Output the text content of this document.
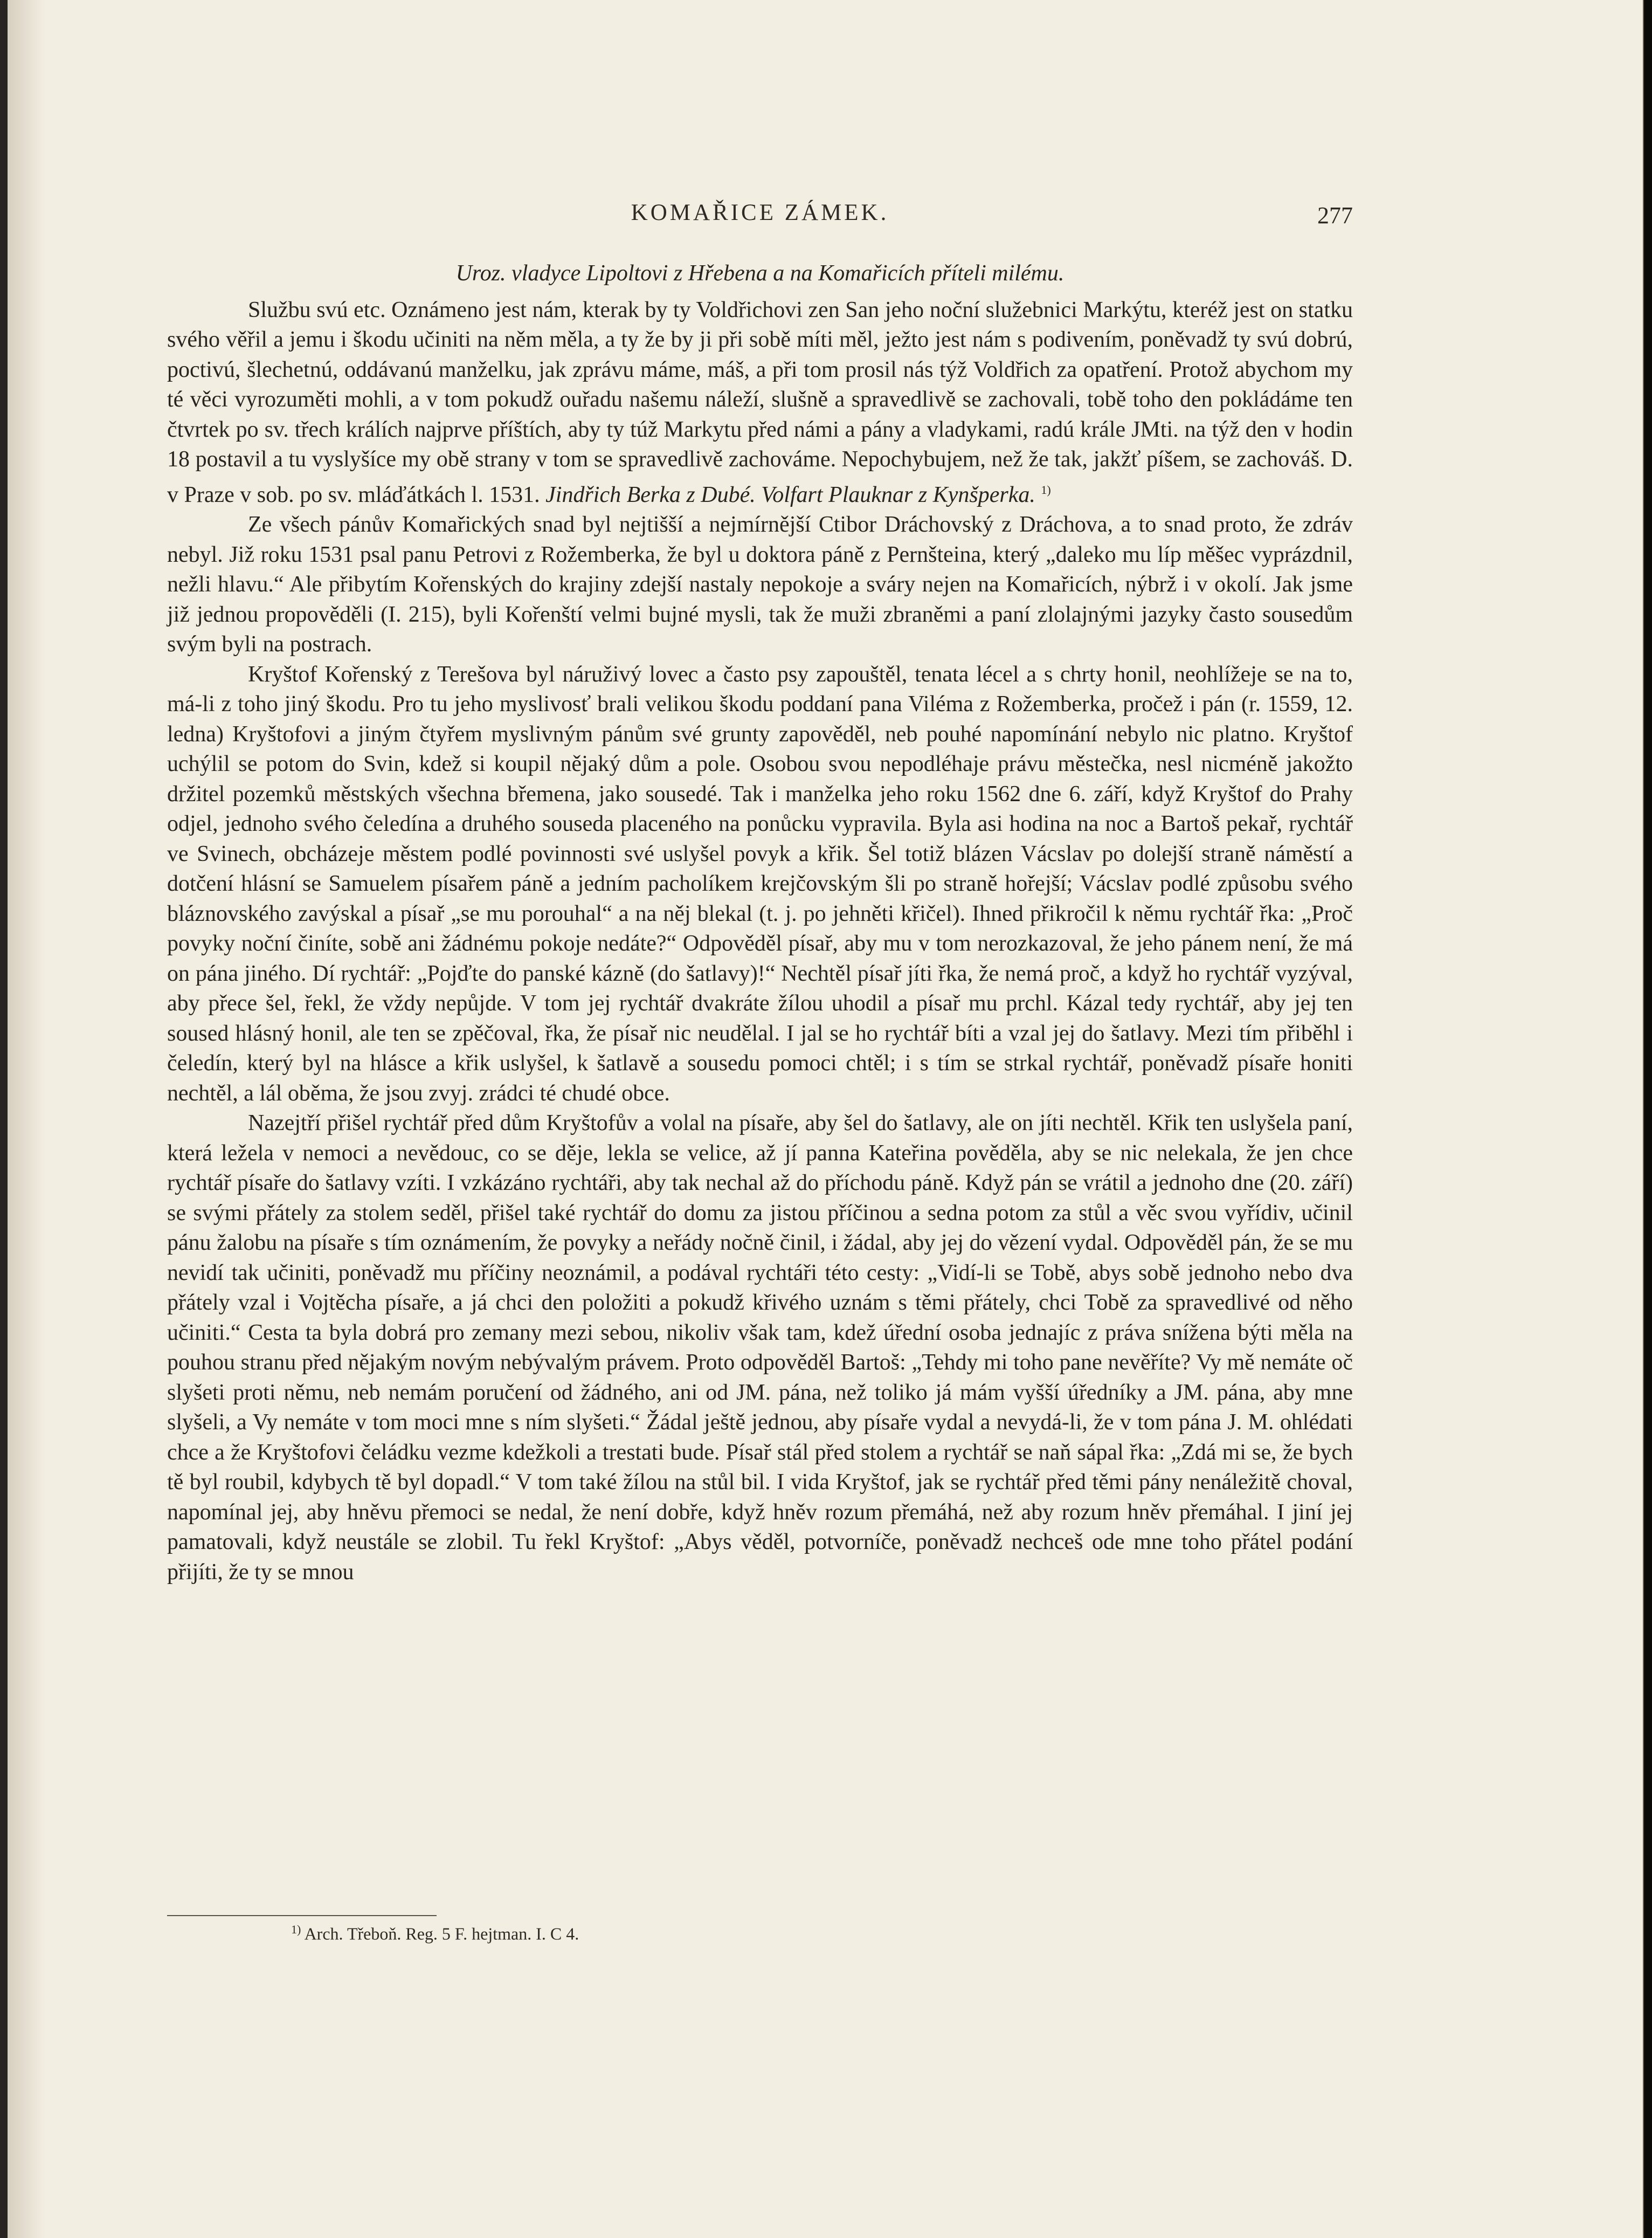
KOMAŘICE ZÁMEK.	277

Uroz. vladyce Lipoltovi z Hřebena a na Komařicích příteli milému.

Službu svú etc. Oznámeno jest nám, kterak by ty Voldřichovi zen San jeho noční služebnici Markýtu, kteréž jest on statku svého věřil a jemu i škodu učiniti na něm měla, a ty že by ji při sobě míti měl, ježto jest nám s podivením, poněvadž ty svú dobrú, poctivú, šlechetnú, oddávanú manželku, jak zprávu máme, máš, a při tom prosil nás týž Voldřich za opatření. Protož abychom my té věci vyrozuměti mohli, a v tom pokudž ouřadu našemu náleží, slušně a spravedlivě se zachovali, tobě toho den pokládáme ten čtvrtek po sv. třech králích najprve příštích, aby ty túž Markytu před námi a pány a vladykami, radú krále JMti. na týž den v hodin 18 postavil a tu vyslyšíce my obě strany v tom se spravedlivě zachováme. Nepochybujem, než že tak, jakžť píšem, se zachováš. D. v Praze v sob. po sv. mláďátkách l. 1531. Jindřich Berka z Dubé. Volfart Plauknar z Kynšperka. $^{1)}$

Ze všech pánův Komařických snad byl nejtišší a nejmírnější Ctibor Dráchovský z Dráchova, a to snad proto, že zdráv nebyl. Již roku 1531 psal panu Petrovi z Rožemberka, že byl u doktora páně z Pernšteina, který „daleko mu líp měšec vyprázdnil, nežli hlavu.“ Ale přibytím Kořenských do krajiny zdejší nastaly nepokoje a sváry nejen na Komařicích, nýbrž i v okolí. Jak jsme již jednou propověděli (I. 215), byli Kořenští velmi bujné mysli, tak že muži zbraněmi a paní zlolajnými jazyky často sousedům svým byli na postrach.

Kryštof Kořenský z Terešova byl náruživý lovec a často psy zapouštěl, tenata lécel a s chrty honil, neohlížeje se na to, má-li z toho jiný škodu. Pro tu jeho myslivosť brali velikou škodu poddaní pana Viléma z Rožemberka, pročež i pán (r. 1559, 12. ledna) Kryštofovi a jiným čtyřem myslivným pánům své grunty zapověděl, neb pouhé napomínání nebylo nic platno. Kryštof uchýlil se potom do Svin, kdež si koupil nějaký dům a pole. Osobou svou nepodléhaje právu městečka, nesl nicméně jakožto držitel pozemků městských všechna břemena, jako sousedé. Tak i manželka jeho roku 1562 dne 6. září, když Kryštof do Prahy odjel, jednoho svého čeledína a druhého souseda placeného na ponůcku vypravila. Byla asi hodina na noc a Bartoš pekař, rychtář ve Svinech, obcházeje městem podlé povinnosti své uslyšel povyk a křik. Šel totiž blázen Vácslav po dolejší straně náměstí a dotčení hlásní se Samuelem písařem páně a jedním pacholíkem krejčovským šli po straně hořejší; Vácslav podlé způsobu svého bláznovského zavýskal a písař „se mu porouhal“ a na něj blekal (t. j. po jehněti křičel). Ihned přikročil k němu rychtář řka: „Proč povyky noční činíte, sobě ani žádnému pokoje nedáte?“ Odpověděl písař, aby mu v tom nerozkazoval, že jeho pánem není, že má on pána jiného. Dí rychtář: „Pojďte do panské kázně (do šatlavy)!“ Nechtěl písař jíti řka, že nemá proč, a když ho rychtář vyzýval, aby přece šel, řekl, že vždy nepůjde. V tom jej rychtář dvakráte žílou uhodil a písař mu prchl. Kázal tedy rychtář, aby jej ten soused hlásný honil, ale ten se zpěčoval, řka, že písař nic neudělal. I jal se ho rychtář bíti a vzal jej do šatlavy. Mezi tím přiběhl i čeledín, který byl na hlásce a křik uslyšel, k šatlavě a sousedu pomoci chtěl; i s tím se strkal rychtář, poněvadž písaře honiti nechtěl, a lál oběma, že jsou zvyj. zrádci té chudé obce.

Nazejtří přišel rychtář před dům Kryštofův a volal na písaře, aby šel do šatlavy, ale on jíti nechtěl. Křik ten uslyšela paní, která ležela v nemoci a nevědouc, co se děje, lekla se velice, až jí panna Kateřina pověděla, aby se nic nelekala, že jen chce rychtář písaře do šatlavy vzíti. I vzkázáno rychtáři, aby tak nechal až do příchodu páně. Když pán se vrátil a jednoho dne (20. září) se svými přátely za stolem seděl, přišel také rychtář do domu za jistou příčinou a sedna potom za stůl a věc svou vyřídiv, učinil pánu žalobu na písaře s tím oznámením, že povyky a neřády nočně činil, i žádal, aby jej do vězení vydal. Odpověděl pán, že se mu nevidí tak učiniti, poněvadž mu příčiny neoznámil, a podával rychtáři této cesty: „Vidí-li se Tobě, abys sobě jednoho nebo dva přátely vzal i Vojtěcha písaře, a já chci den položiti a pokudž křivého uznám s těmi přátely, chci Tobě za spravedlivé od něho učiniti.“ Cesta ta byla dobrá pro zemany mezi sebou, nikoliv však tam, kdež úřední osoba jednajíc z práva snížena býti měla na pouhou stranu před nějakým novým nebývalým právem. Proto odpověděl Bartoš: „Tehdy mi toho pane nevěříte? Vy mě nemáte oč slyšeti proti němu, neb nemám poručení od žádného, ani od JM. pána, než toliko já mám vyšší úředníky a JM. pána, aby mne slyšeli, a Vy nemáte v tom moci mne s ním slyšeti.“ Žádal ještě jednou, aby písaře vydal a nevydá-li, že v tom pána J. M. ohlédati chce a že Kryštofovi čeládku vezme kdežkoli a trestati bude. Písař stál před stolem a rychtář se naň sápal řka: „Zdá mi se, že bych tě byl roubil, kdybych tě byl dopadl.“ V tom také žílou na stůl bil. I vida Kryštof, jak se rychtář před těmi pány nenáležitě choval, napomínal jej, aby hněvu přemoci se nedal, že není dobře, když hněv rozum přemáhá, než aby rozum hněv přemáhal. I jiní jej pamatovali, když neustále se zlobil. Tu řekl Kryštof: „Abys věděl, potvorníče, poněvadž nechceš ode mne toho přátel podání přijíti, že ty se mnou

$^{1)}$ Arch. Třeboň. Reg. 5 F. hejtman. I. C 4.
